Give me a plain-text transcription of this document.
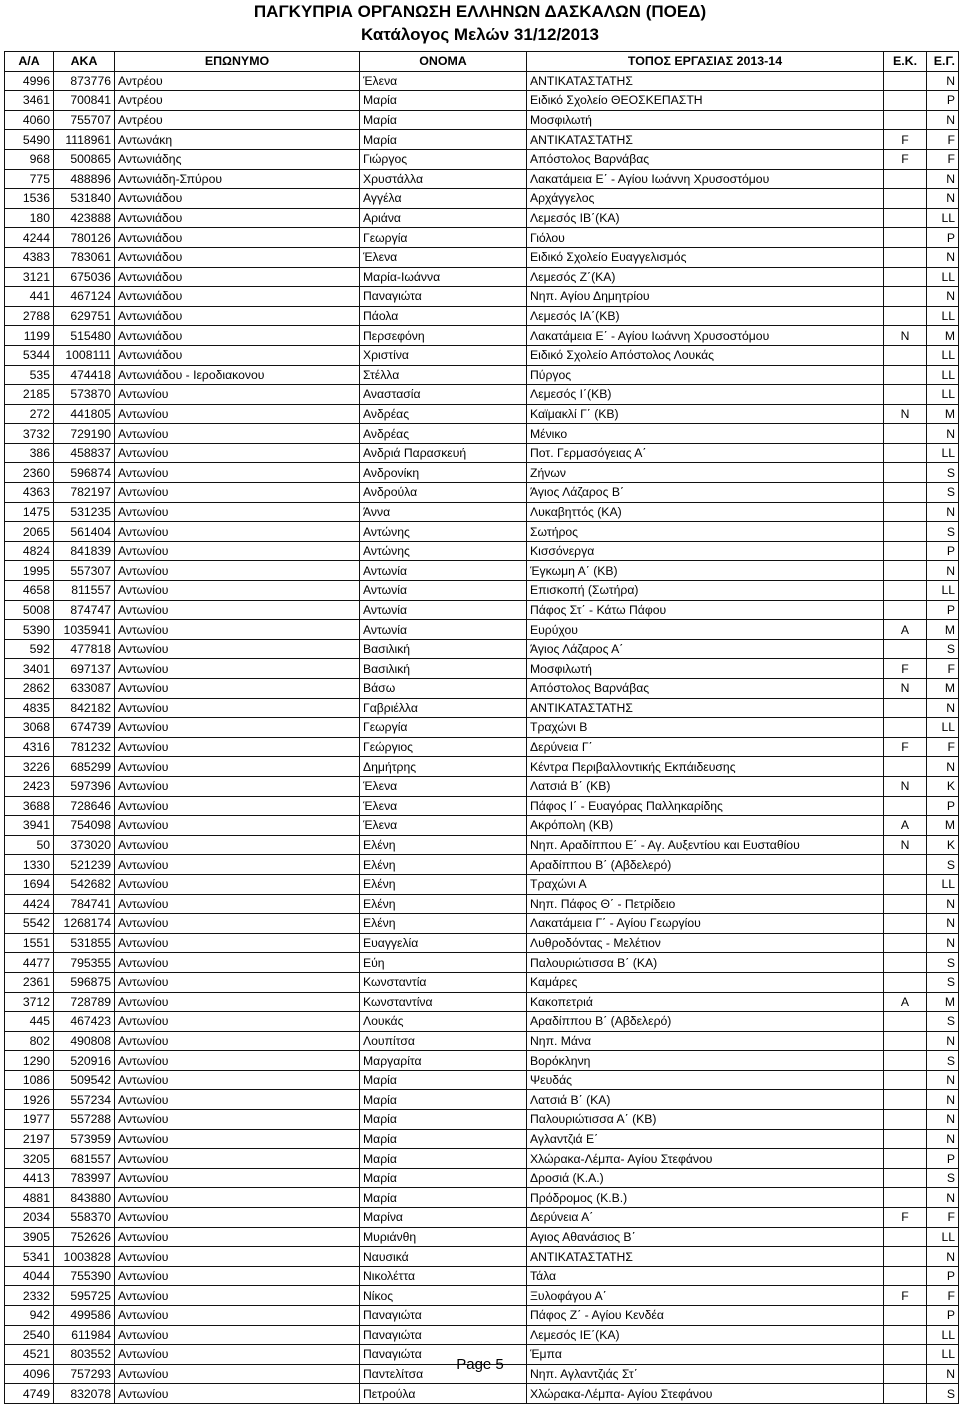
ΠΑΓΚΥΠΡΙΑ ΟΡΓΑΝΩΣΗ ΕΛΛΗΝΩΝ ΔΑΣΚΑΛΩΝ (ΠΟΕΔ)
Κατάλογος Μελών 31/12/2013
Α/Α	ΑΚΑ	ΕΠΩΝΥΜΟ	ΟΝΟΜΑ	ΤΟΠΟΣ ΕΡΓΑΣΙΑΣ 2013-14	Ε.Κ.	Ε.Γ.
4996	873776	Αντρέου	Έλενα	ΑΝΤΙΚΑΤΑΣΤΑΤΗΣ		N
3461	700841	Αντρέου	Μαρία	Ειδικό Σχολείο ΘΕΟΣΚΕΠΑΣΤΗ		P
4060	755707	Αντρέου	Μαρία	Μοσφιλωτή		N
5490	1118961	Αντωνάκη	Μαρία	ΑΝΤΙΚΑΤΑΣΤΑΤΗΣ	F	F
968	500865	Αντωνιάδης	Γιώργος	Απόστολος Βαρνάβας	F	F
775	488896	Αντωνιάδη-Σπύρου	Χρυστάλλα	Λακατάμεια Ε΄ - Αγίου Ιωάννη Χρυσοστόμου		N
1536	531840	Αντωνιάδου	Αγγέλα	Αρχάγγελος		N
180	423888	Αντωνιάδου	Αριάνα	Λεμεσός ΙΒ΄(ΚΑ)		LL
4244	780126	Αντωνιάδου	Γεωργία	Γιόλου		P
4383	783061	Αντωνιάδου	Έλενα	Ειδικό Σχολείο Ευαγγελισμός		N
3121	675036	Αντωνιάδου	Μαρία-Ιωάννα	Λεμεσός Ζ΄(ΚΑ)		LL
441	467124	Αντωνιάδου	Παναγιώτα	Νηπ. Αγίου Δημητρίου		N
2788	629751	Αντωνιάδου	Πάολα	Λεμεσός ΙΑ΄(ΚΒ)		LL
1199	515480	Αντωνιάδου	Περσεφόνη	Λακατάμεια Ε΄ - Αγίου Ιωάννη Χρυσοστόμου	N	M
5344	1008111	Αντωνιάδου	Χριστίνα	Ειδικό Σχολείο Απόστολος Λουκάς		LL
535	474418	Αντωνιάδου - Ιεροδιακονου	Στέλλα	Πύργος		LL
2185	573870	Αντωνίου	Αναστασία	Λεμεσός Ι΄(ΚΒ)		LL
272	441805	Αντωνίου	Ανδρέας	Καϊμακλί Γ΄ (ΚΒ)	N	M
3732	729190	Αντωνίου	Ανδρέας	Μένικο		N
386	458837	Αντωνίου	Ανδριά Παρασκευή	Ποτ. Γερμασόγειας Α΄		LL
2360	596874	Αντωνίου	Ανδρονίκη	Ζήνων		S
4363	782197	Αντωνίου	Ανδρούλα	Άγιος Λάζαρος Β΄		S
1475	531235	Αντωνίου	Άννα	Λυκαβηττός (ΚΑ)		N
2065	561404	Αντωνίου	Αντώνης	Σωτήρος		S
4824	841839	Αντωνίου	Αντώνης	Κισσόνεργα		P
1995	557307	Αντωνίου	Αντωνία	Έγκωμη Α΄ (ΚΒ)		N
4658	811557	Αντωνίου	Αντωνία	Επισκοπή (Σωτήρα)		LL
5008	874747	Αντωνίου	Αντωνία	Πάφος Στ΄ - Κάτω Πάφου		P
5390	1035941	Αντωνίου	Αντωνία	Ευρύχου	A	M
592	477818	Αντωνίου	Βασιλική	Άγιος Λάζαρος Α΄		S
3401	697137	Αντωνίου	Βασιλική	Μοσφιλωτή	F	F
2862	633087	Αντωνίου	Βάσω	Απόστολος Βαρνάβας	N	M
4835	842182	Αντωνίου	Γαβριέλλα	ΑΝΤΙΚΑΤΑΣΤΑΤΗΣ		N
3068	674739	Αντωνίου	Γεωργία	Τραχώνι Β		LL
4316	781232	Αντωνίου	Γεώργιος	Δερύνεια Γ΄	F	F
3226	685299	Αντωνίου	Δημήτρης	Κέντρα Περιβαλλοντικής Εκπάιδευσης		N
2423	597396	Αντωνίου	Έλενα	Λατσιά Β΄ (ΚΒ)	N	K
3688	728646	Αντωνίου	Έλενα	Πάφος Ι΄ - Ευαγόρας Παλληκαρίδης		P
3941	754098	Αντωνίου	Έλενα	Ακρόπολη (ΚΒ)	A	M
50	373020	Αντωνίου	Ελένη	Νηπ. Αραδίππου Ε΄ - Αγ. Αυξεντίου και Ευσταθίου	N	K
1330	521239	Αντωνίου	Ελένη	Αραδίππου Β΄ (Αβδελερό)		S
1694	542682	Αντωνίου	Ελένη	Τραχώνι Α		LL
4424	784741	Αντωνίου	Ελένη	Νηπ. Πάφος Θ΄ - Πετρίδειο		N
5542	1268174	Αντωνίου	Ελένη	Λακατάμεια Γ΄ - Αγίου Γεωργίου		N
1551	531855	Αντωνίου	Ευαγγελία	Λυθροδόντας - Μελέτιον		N
4477	795355	Αντωνίου	Εύη	Παλουριώτισσα Β΄ (ΚΑ)		S
2361	596875	Αντωνίου	Κωνσταντία	Καμάρες		S
3712	728789	Αντωνίου	Κωνσταντίνα	Κακοπετριά	A	M
445	467423	Αντωνίου	Λουκάς	Αραδίππου Β΄ (Αβδελερό)		S
802	490808	Αντωνίου	Λουπίτσα	Νηπ. Μάνα		N
1290	520916	Αντωνίου	Μαργαρίτα	Βορόκληνη		S
1086	509542	Αντωνίου	Μαρία	Ψευδάς		N
1926	557234	Αντωνίου	Μαρία	Λατσιά Β΄ (ΚΑ)		N
1977	557288	Αντωνίου	Μαρία	Παλουριώτισσα Α΄ (ΚΒ)		N
2197	573959	Αντωνίου	Μαρία	Αγλαντζιά Ε΄		N
3205	681557	Αντωνίου	Μαρία	Χλώρακα-Λέμπα- Αγίου Στεφάνου		P
4413	783997	Αντωνίου	Μαρία	Δροσιά (Κ.Α.)		S
4881	843880	Αντωνίου	Μαρία	Πρόδρομος (Κ.Β.)		N
2034	558370	Αντωνίου	Μαρίνα	Δερύνεια Α΄	F	F
3905	752626	Αντωνίου	Μυριάνθη	Αγιος Αθανάσιος Β΄		LL
5341	1003828	Αντωνίου	Ναυσικά	ΑΝΤΙΚΑΤΑΣΤΑΤΗΣ		N
4044	755390	Αντωνίου	Νικολέττα	Τάλα		P
2332	595725	Αντωνίου	Νίκος	Ξυλοφάγου Α΄	F	F
942	499586	Αντωνίου	Παναγιώτα	Πάφος Ζ΄ - Αγίου Κενδέα		P
2540	611984	Αντωνίου	Παναγιώτα	Λεμεσός ΙΕ΄(ΚΑ)		LL
4521	803552	Αντωνίου	Παναγιώτα	Έμπα		LL
4096	757293	Αντωνίου	Παντελίτσα	Νηπ. Αγλαντζιάς Στ΄		N
4749	832078	Αντωνίου	Πετρούλα	Χλώρακα-Λέμπα- Αγίου Στεφάνου		S
Page 5
